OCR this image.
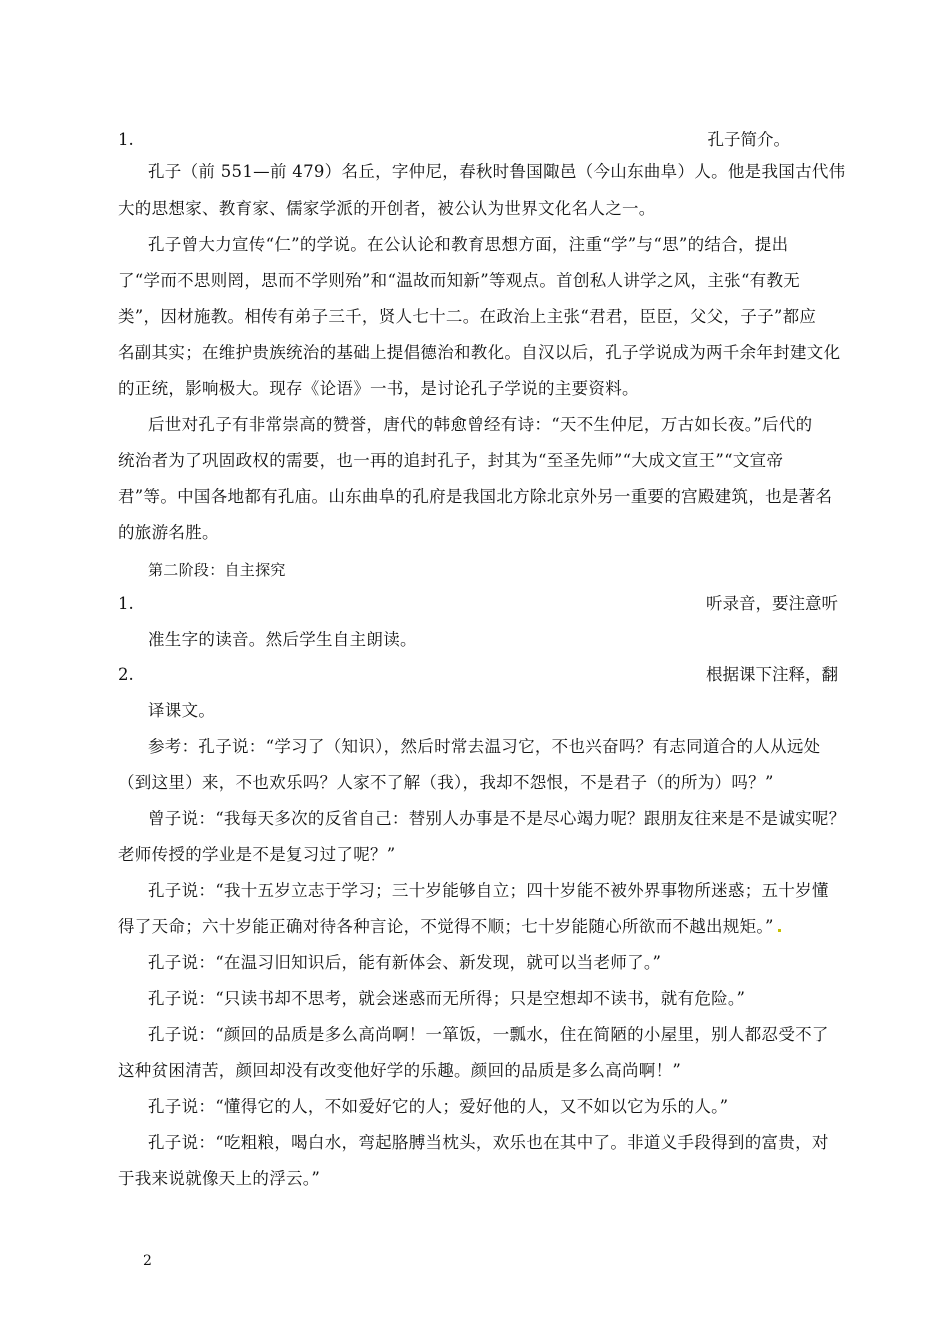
1.	孔子简介。
孔子（前 551—前 479）名丘，字仲尼，春秋时鲁国陬邑（今山东曲阜）人。他是我国古代伟
大的思想家、教育家、儒家学派的开创者，被公认为世界文化名人之一。
孔子曾大力宣传“仁”的学说。在公认论和教育思想方面，注重“学”与“思”的结合，提出
了“学而不思则罔，思而不学则殆”和“温故而知新”等观点。首创私人讲学之风，主张“有教无
类”，因材施教。相传有弟子三千，贤人七十二。在政治上主张“君君，臣臣，父父，子子”都应
名副其实；在维护贵族统治的基础上提倡德治和教化。自汉以后，孔子学说成为两千余年封建文化
的正统，影响极大。现存《论语》一书，是讨论孔子学说的主要资料。
后世对孔子有非常崇高的赞誉，唐代的韩愈曾经有诗：“天不生仲尼，万古如长夜。”后代的
统治者为了巩固政权的需要，也一再的追封孔子，封其为“至圣先师”“大成文宣王”“文宣帝
君”等。中国各地都有孔庙。山东曲阜的孔府是我国北方除北京外另一重要的宫殿建筑，也是著名
的旅游名胜。
第二阶段：自主探究
1.	听录音，要注意听
准生字的读音。然后学生自主朗读。
2.	根据课下注释，翻
译课文。
参考：孔子说：“学习了（知识），然后时常去温习它，不也兴奋吗？有志同道合的人从远处
（到这里）来，不也欢乐吗？人家不了解（我），我却不怨恨，不是君子（的所为）吗？”
曾子说：“我每天多次的反省自己：替别人办事是不是尽心竭力呢？跟朋友往来是不是诚实呢？
老师传授的学业是不是复习过了呢？”
孔子说：“我十五岁立志于学习；三十岁能够自立；四十岁能不被外界事物所迷惑；五十岁懂
得了天命；六十岁能正确对待各种言论，不觉得不顺；七十岁能随心所欲而不越出规矩。”
孔子说：“在温习旧知识后，能有新体会、新发现，就可以当老师了。”
孔子说：“只读书却不思考，就会迷惑而无所得；只是空想却不读书，就有危险。”
孔子说：“颜回的品质是多么高尚啊！一箪饭，一瓢水，住在简陋的小屋里，别人都忍受不了
这种贫困清苦，颜回却没有改变他好学的乐趣。颜回的品质是多么高尚啊！”
孔子说：“懂得它的人，不如爱好它的人；爱好他的人，又不如以它为乐的人。”
孔子说：“吃粗粮，喝白水，弯起胳膊当枕头，欢乐也在其中了。非道义手段得到的富贵，对
于我来说就像天上的浮云。”
2
